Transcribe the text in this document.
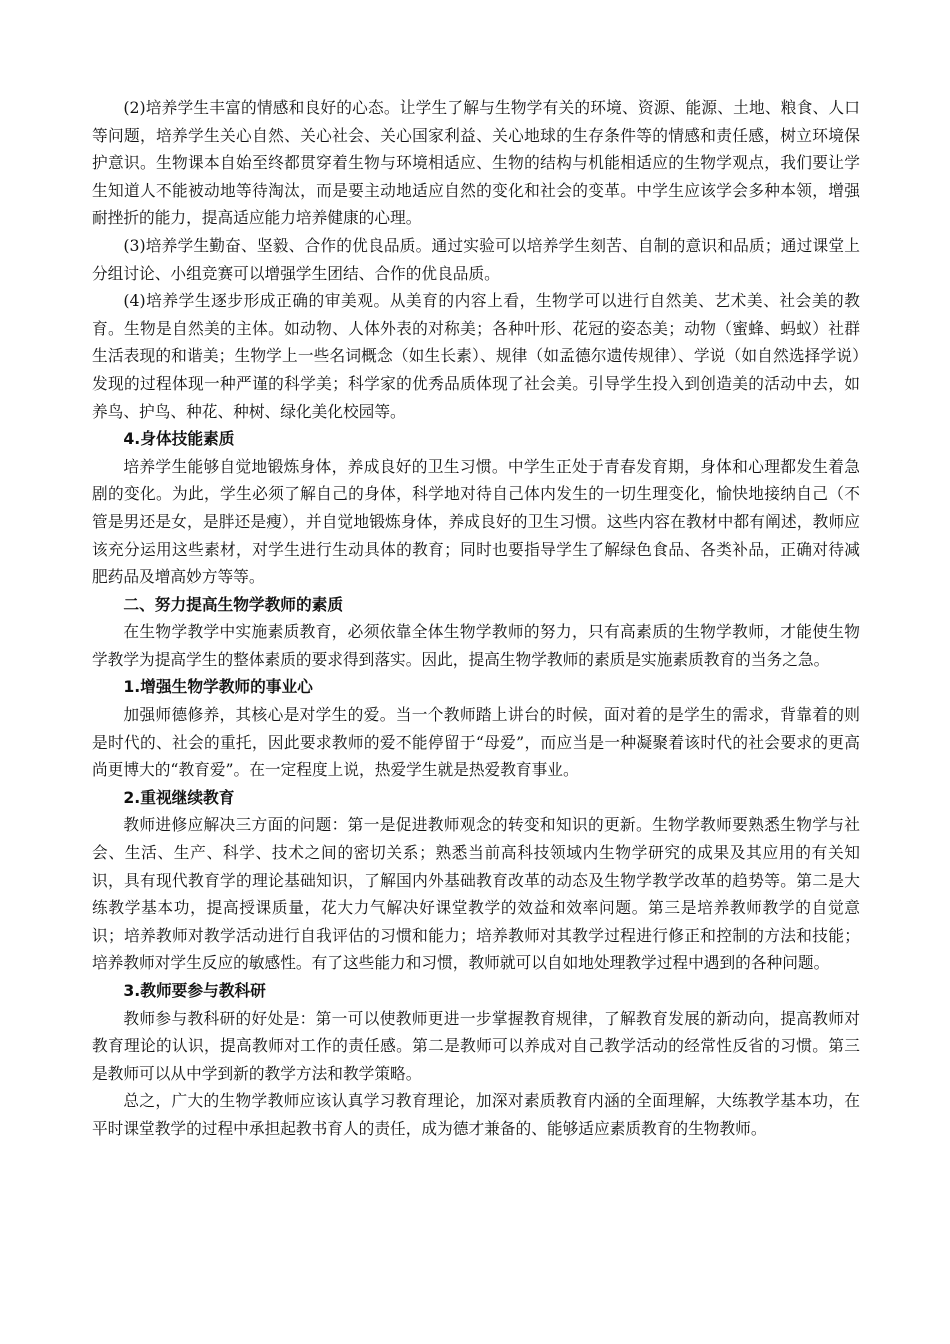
(2)培养学生丰富的情感和良好的心态。让学生了解与生物学有关的环境、资源、能源、土地、粮食、人口等问题，培养学生关心自然、关心社会、关心国家利益、关心地球的生存条件等的情感和责任感，树立环境保护意识。生物课本自始至终都贯穿着生物与环境相适应、生物的结构与机能相适应的生物学观点，我们要让学生知道人不能被动地等待淘汰，而是要主动地适应自然的变化和社会的变革。中学生应该学会多种本领，增强耐挫折的能力，提高适应能力培养健康的心理。

(3)培养学生勤奋、坚毅、合作的优良品质。通过实验可以培养学生刻苦、自制的意识和品质；通过课堂上分组讨论、小组竞赛可以增强学生团结、合作的优良品质。

(4)培养学生逐步形成正确的审美观。从美育的内容上看，生物学可以进行自然美、艺术美、社会美的教育。生物是自然美的主体。如动物、人体外表的对称美；各种叶形、花冠的姿态美；动物（蜜蜂、蚂蚁）社群生活表现的和谐美；生物学上一些名词概念（如生长素）、规律（如孟德尔遗传规律）、学说（如自然选择学说）发现的过程体现一种严谨的科学美；科学家的优秀品质体现了社会美。引导学生投入到创造美的活动中去，如养鸟、护鸟、种花、种树、绿化美化校园等。

4.身体技能素质

培养学生能够自觉地锻炼身体，养成良好的卫生习惯。中学生正处于青春发育期，身体和心理都发生着急剧的变化。为此，学生必须了解自己的身体，科学地对待自己体内发生的一切生理变化，愉快地接纳自己（不管是男还是女，是胖还是瘦），并自觉地锻炼身体，养成良好的卫生习惯。这些内容在教材中都有阐述，教师应该充分运用这些素材，对学生进行生动具体的教育；同时也要指导学生了解绿色食品、各类补品，正确对待减肥药品及增高妙方等等。

二、努力提高生物学教师的素质

在生物学教学中实施素质教育，必须依靠全体生物学教师的努力，只有高素质的生物学教师，才能使生物学教学为提高学生的整体素质的要求得到落实。因此，提高生物学教师的素质是实施素质教育的当务之急。

1.增强生物学教师的事业心

加强师德修养，其核心是对学生的爱。当一个教师踏上讲台的时候，面对着的是学生的需求，背靠着的则 是时代的、社会的重托，因此要求教师的爱不能停留于“母爱”，而应当是一种凝聚着该时代的社会要求的更高尚更博大的“教育爱”。在一定程度上说，热爱学生就是热爱教育事业。

2.重视继续教育

教师进修应解决三方面的问题：第一是促进教师观念的转变和知识的更新。生物学教师要熟悉生物学与社会、生活、生产、科学、技术之间的密切关系；熟悉当前高科技领域内生物学研究的成果及其应用的有关知识，具有现代教育学的理论基础知识，了解国内外基础教育改革的动态及生物学教学改革的趋势等。第二是大练教学基本功，提高授课质量，花大力气解决好课堂教学的效益和效率问题。第三是培养教师教学的自觉意识；培养教师对教学活动进行自我评估的习惯和能力；培养教师对其教学过程进行修正和控制的方法和技能；培养教师对学生反应的敏感性。有了这些能力和习惯，教师就可以自如地处理教学过程中遇到的各种问题。

3.教师要参与教科研

教师参与教科研的好处是：第一可以使教师更进一步掌握教育规律，了解教育发展的新动向，提高教师对教育理论的认识，提高教师对工作的责任感。第二是教师可以养成对自己教学活动的经常性反省的习惯。第三是教师可以从中学到新的教学方法和教学策略。

总之，广大的生物学教师应该认真学习教育理论，加深对素质教育内涵的全面理解，大练教学基本功，在平时课堂教学的过程中承担起教书育人的责任，成为德才兼备的、能够适应素质教育的生物教师。
